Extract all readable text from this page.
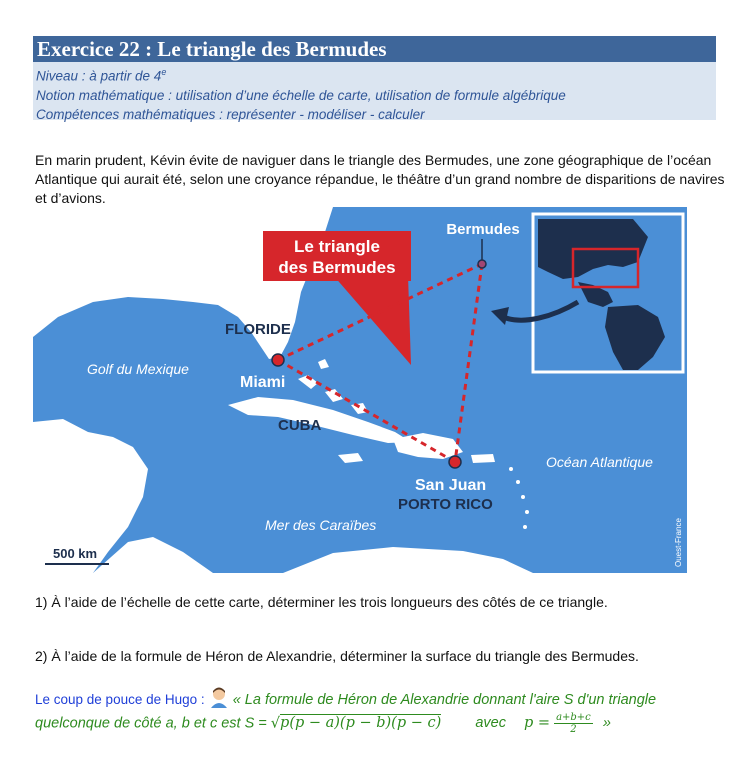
Exercice 22 : Le triangle des Bermudes
Niveau : à partir de 4e
Notion mathématique : utilisation d’une échelle de carte, utilisation de formule algébrique
Compétences mathématiques : représenter - modéliser - calculer
En marin prudent, Kévin évite de naviguer dans le triangle des Bermudes, une zone géographique de l’océan Atlantique qui aurait été, selon une croyance répandue, le théâtre d’un grand nombre de disparitions de navires et d’avions.
Le triangle
des Bermudes
Bermudes
FLORIDE
Golf du Mexique
Miami
CUBA
San Juan
PORTO RICO
Océan Atlantique
Mer des Caraïbes
500 km	Ouest-France
1) À l’aide de l’échelle de cette carte, déterminer les trois longueurs des côtés de ce triangle.
2) À l’aide de la formule de Héron de Alexandrie, déterminer la surface du triangle des Bermudes.
Le coup de pouce de Hugo : « La formule de Héron de Alexandrie donnant l'aire S d'un triangle
quelconque de côté a, b et c est S = √p(p − a)(p − b)(p − c) avec $p = \frac{a+b+c}{2}$ »
